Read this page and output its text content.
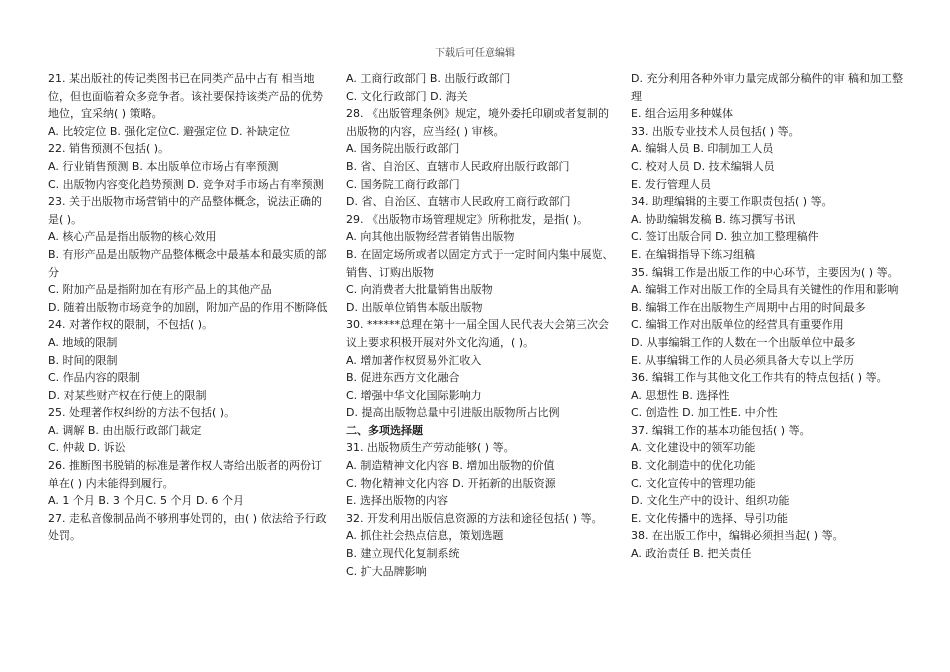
下载后可任意编辑
21. 某出版社的传记类图书已在同类产品中占有 相当地位，但也面临着众多竞争者。该社要保持该类产品的优势地位，宜采纳( ) 策略。
A. 比较定位 B. 强化定位C. 避强定位 D. 补缺定位
22. 销售预测不包括( )。
A. 行业销售预测 B. 本出版单位市场占有率预测
C. 出版物内容变化趋势预测 D. 竞争对手市场占有率预测
23. 关于出版物市场营销中的产品整体概念，说法正确的是( )。
A. 核心产品是指出版物的核心效用
B. 有形产品是出版物产品整体概念中最基本和最实质的部分
C. 附加产品是指附加在有形产品上的其他产品
D. 随着出版物市场竞争的加剧，附加产品的作用不断降低
24. 对著作权的限制，不包括( )。
A. 地域的限制
B. 时间的限制
C. 作品内容的限制
D. 对某些财产权在行使上的限制
25. 处理著作权纠纷的方法不包括( )。
A. 调解 B. 由出版行政部门裁定
C. 仲裁 D. 诉讼
26. 推断图书脱销的标准是著作权人寄给出版者的两份订单在( ) 内未能得到履行。
A. 1 个月 B. 3 个月C. 5 个月 D. 6 个月
27. 走私音像制品尚不够刑事处罚的，由( ) 依法给予行政处罚。
A. 工商行政部门 B. 出版行政部门
C. 文化行政部门 D. 海关
28. 《出版管理条例》规定，境外委托印刷或者复制的出版物的内容，应当经( ) 审核。
A. 国务院出版行政部门
B. 省、自治区、直辖市人民政府出版行政部门
C. 国务院工商行政部门
D. 省、自治区、直辖市人民政府工商行政部门
29. 《出版物市场管理规定》所称批发，是指( )。
A. 向其他出版物经营者销售出版物
B. 在固定场所或者以固定方式于一定时间内集中展览、销售、订购出版物
C. 向消费者大批量销售出版物
D. 出版单位销售本版出版物
30. ******总理在第十一届全国人民代表大会第三次会议上要求积极开展对外文化沟通，( )。
A. 增加著作权贸易外汇收入
B. 促进东西方文化融合
C. 增强中华文化国际影响力
D. 提高出版物总量中引进版出版物所占比例
二、多项选择题
31. 出版物质生产劳动能够( ) 等。
A. 制造精神文化内容 B. 增加出版物的价值
C. 物化精神文化内容 D. 开拓新的出版资源
E. 选择出版物的内容
32. 开发利用出版信息资源的方法和途径包括( ) 等。
A. 抓住社会热点信息，策划选题
B. 建立现代化复制系统
C. 扩大品牌影响
D. 充分利用各种外审力量完成部分稿件的审 稿和加工整理
E. 组合运用多种媒体
33. 出版专业技术人员包括( ) 等。
A. 编辑人员 B. 印制加工人员
C. 校对人员 D. 技术编辑人员
E. 发行管理人员
34. 助理编辑的主要工作职责包括( ) 等。
A. 协助编辑发稿 B. 练习撰写书讯
C. 签订出版合同 D. 独立加工整理稿件
E. 在编辑指导下练习组稿
35. 编辑工作是出版工作的中心环节，主要因为( ) 等。
A. 编辑工作对出版工作的全局具有关键性的作用和影响
B. 编辑工作在出版物生产周期中占用的时间最多
C. 编辑工作对出版单位的经营具有重要作用
D. 从事编辑工作的人数在一个出版单位中最多
E. 从事编辑工作的人员必须具备大专以上学历
36. 编辑工作与其他文化工作共有的特点包括( ) 等。
A. 思想性 B. 选择性
C. 创造性 D. 加工性E. 中介性
37. 编辑工作的基本功能包括( ) 等。
A. 文化建设中的领军功能
B. 文化制造中的优化功能
C. 文化宣传中的管理功能
D. 文化生产中的设计、组织功能
E. 文化传播中的选择、导引功能
38. 在出版工作中，编辑必须担当起( ) 等。
A. 政治责任 B. 把关责任
